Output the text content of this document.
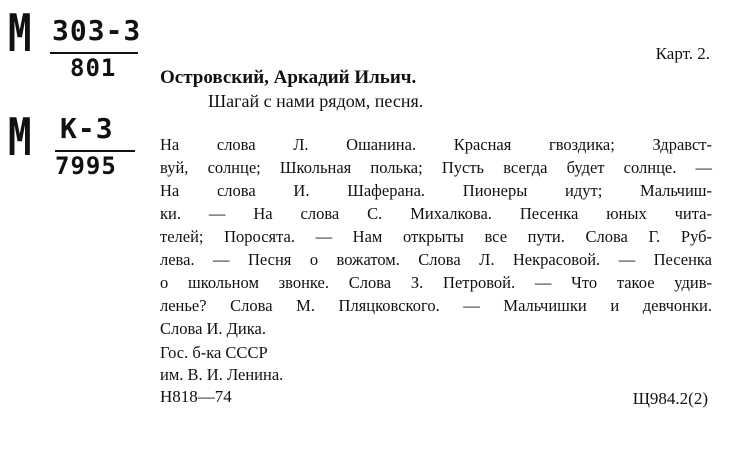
М 303-3
801
М К-3
7995
Карт. 2.
Островский, Аркадий Ильич.
Шагай с нами рядом, песня.
На слова Л. Ошанина. Красная гвоздика; Здравст-
вуй, солнце; Школьная полька; Пусть всегда будет солнце. —
На слова И. Шаферана. Пионеры идут; Мальчиш-
ки. — На слова С. Михалкова. Песенка юных чита-
телей; Поросята. — Нам открыты все пути. Слова Г. Руб-
лева. — Песня о вожатом. Слова Л. Некрасовой. — Песенка
о школьном звонке. Слова З. Петровой. — Что такое удив-
ленье? Слова М. Пляцковского. — Мальчишки и девчонки.
Слова И. Дика.
Гос. б-ка СССР
им. В. И. Ленина.
Н818—74	Щ984.2(2)
